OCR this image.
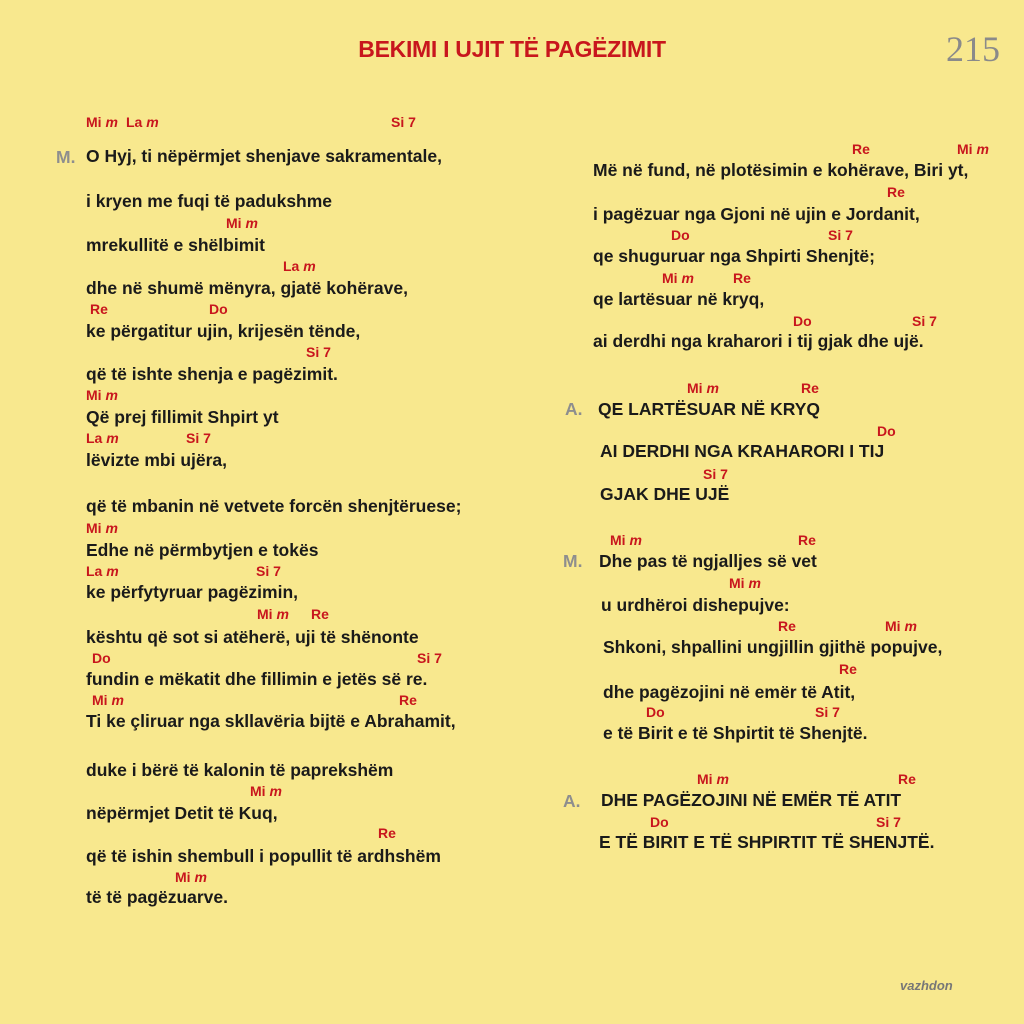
BEKIMI I UJIT TË PAGËZIMIT	215
M.
Mi m La m	Si 7
O Hyj, ti nëpërmjet shenjave sakramentale,
i kryen me fuqi të padukshme
Mi m
mrekullitë e shëlbimit
La m
dhe në shumë mënyra, gjatë kohërave,
Re	Do
ke përgatitur ujin, krijesën tënde,
Si 7
që të ishte shenja e pagëzimit.
Mi m
Që prej fillimit Shpirt yt
La m	Si 7
lëvizte mbi ujëra,
që të mbanin në vetvete forcën shenjtëruese;
Mi m
Edhe në përmbytjen e tokës
La m	Si 7
ke përfytyruar pagëzimin,
Mi m Re
kështu që sot si atëherë, uji të shënonte
Do	Si 7
fundin e mëkatit dhe fillimin e jetës së re.
Mi m	Re
Ti ke çliruar nga skllavëria bijtë e Abrahamit,
duke i bërë të kalonin të paprekshëm
Mi m
nëpërmjet Detit të Kuq,
Re
që të ishin shembull i popullit të ardhshëm
Mi m
të të pagëzuarve.
Re	Mi m
Më në fund, në plotësimin e kohërave, Biri yt,
Re
i pagëzuar nga Gjoni në ujin e Jordanit,
Do	Si 7
qe shuguruar nga Shpirti Shenjtë;
Mi m	Re
qe lartësuar në kryq,
Do	Si 7
ai derdhi nga kraharori i tij gjak dhe ujë.
A.
Mi m	Re
QE LARTËSUAR NË KRYQ
Do
AI DERDHI NGA KRAHARORI I TIJ
Si 7
GJAK DHE UJË
M.
Mi m	Re
Dhe pas të ngjalljes së vet
Mi m
u urdhëroi dishepujve:
Re	Mi m
Shkoni, shpallini ungjillin gjithë popujve,
Re
dhe pagëzojini në emër të Atit,
Do	Si 7
e të Birit e të Shpirtit të Shenjtë.
A.
Mi m	Re
DHE PAGËZOJINI NË EMËR TË ATIT
Do	Si 7
E TË BIRIT E TË SHPIRTIT TË SHENJTË.
vazhdon
